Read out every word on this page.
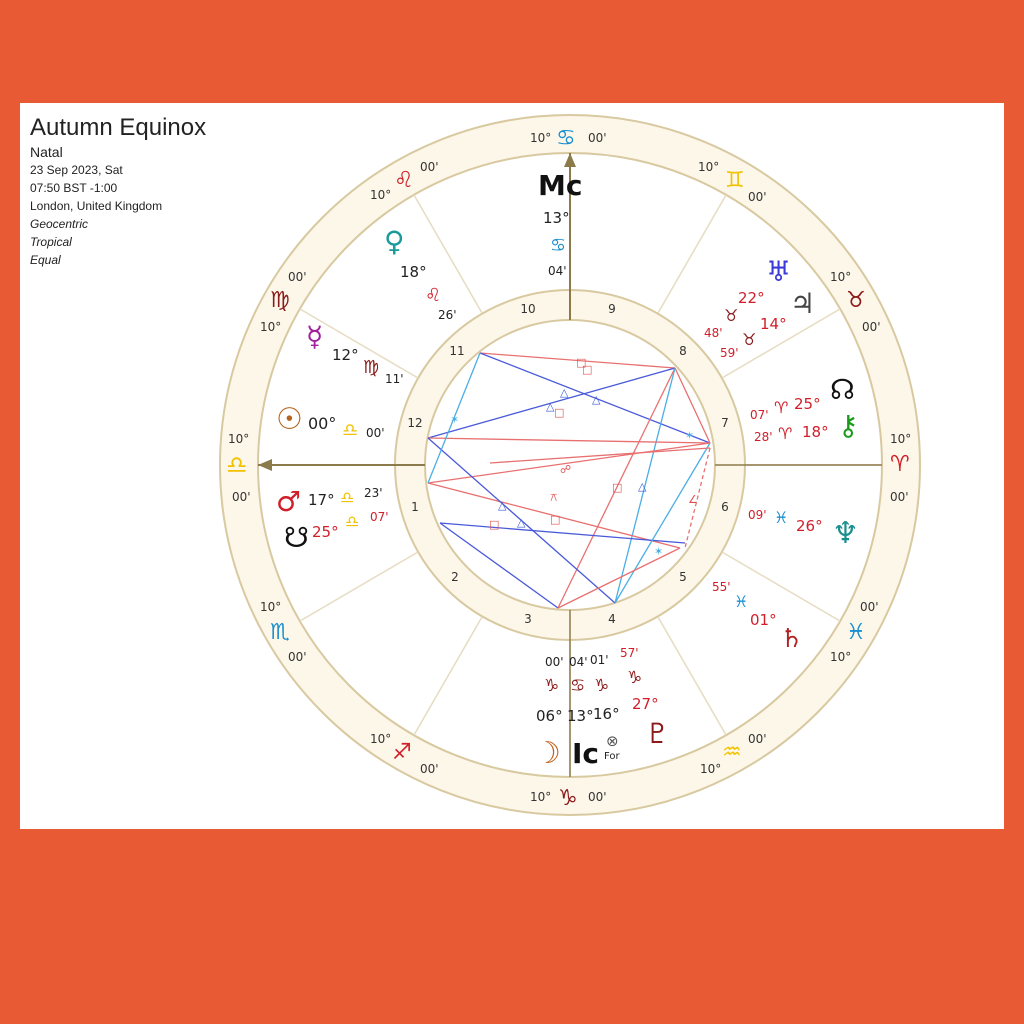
Autumn Equinox
Natal
23 Sep 2023, Sat
07:50 BST -1:00
London, United Kingdom
Geocentric
Tropical
Equal
□
□
△
△
△ □
✶
✶
☍
□ △
△
⚻	∠
△ □
□
✶
1
2
3	4
5
6
7
8
9
10
11
12
10° ♋ 00'
10°
♊
00'
10°
♉
00'
10°
♈
00'
00'
♓
10°
00'
♒
10°
10° ♑ 00'
10°
♐
00'
10°
♏
00'
10°
♎
00'
00'
♍
10°
10°
♌
00'
Mc
13°
♋
04'
♀
18°
♌
26'
☿
12°
♍
11'
☉ 00° ♎ 00'
♂ 17° ♎ 23'
☋ 25°
♎ 07'
♅
22°
♉
48'
♃
14°
♉
59'
☊
25°
♈
07' ⚷
18°
♈
28'
♆
26°
♓
09'
♄
01°
♓
55'
00' 04' 01' 57'
♑ ♋ ♑ ♑
06° 13° 16°
27°
☽ Ic ⊗
For
♇
